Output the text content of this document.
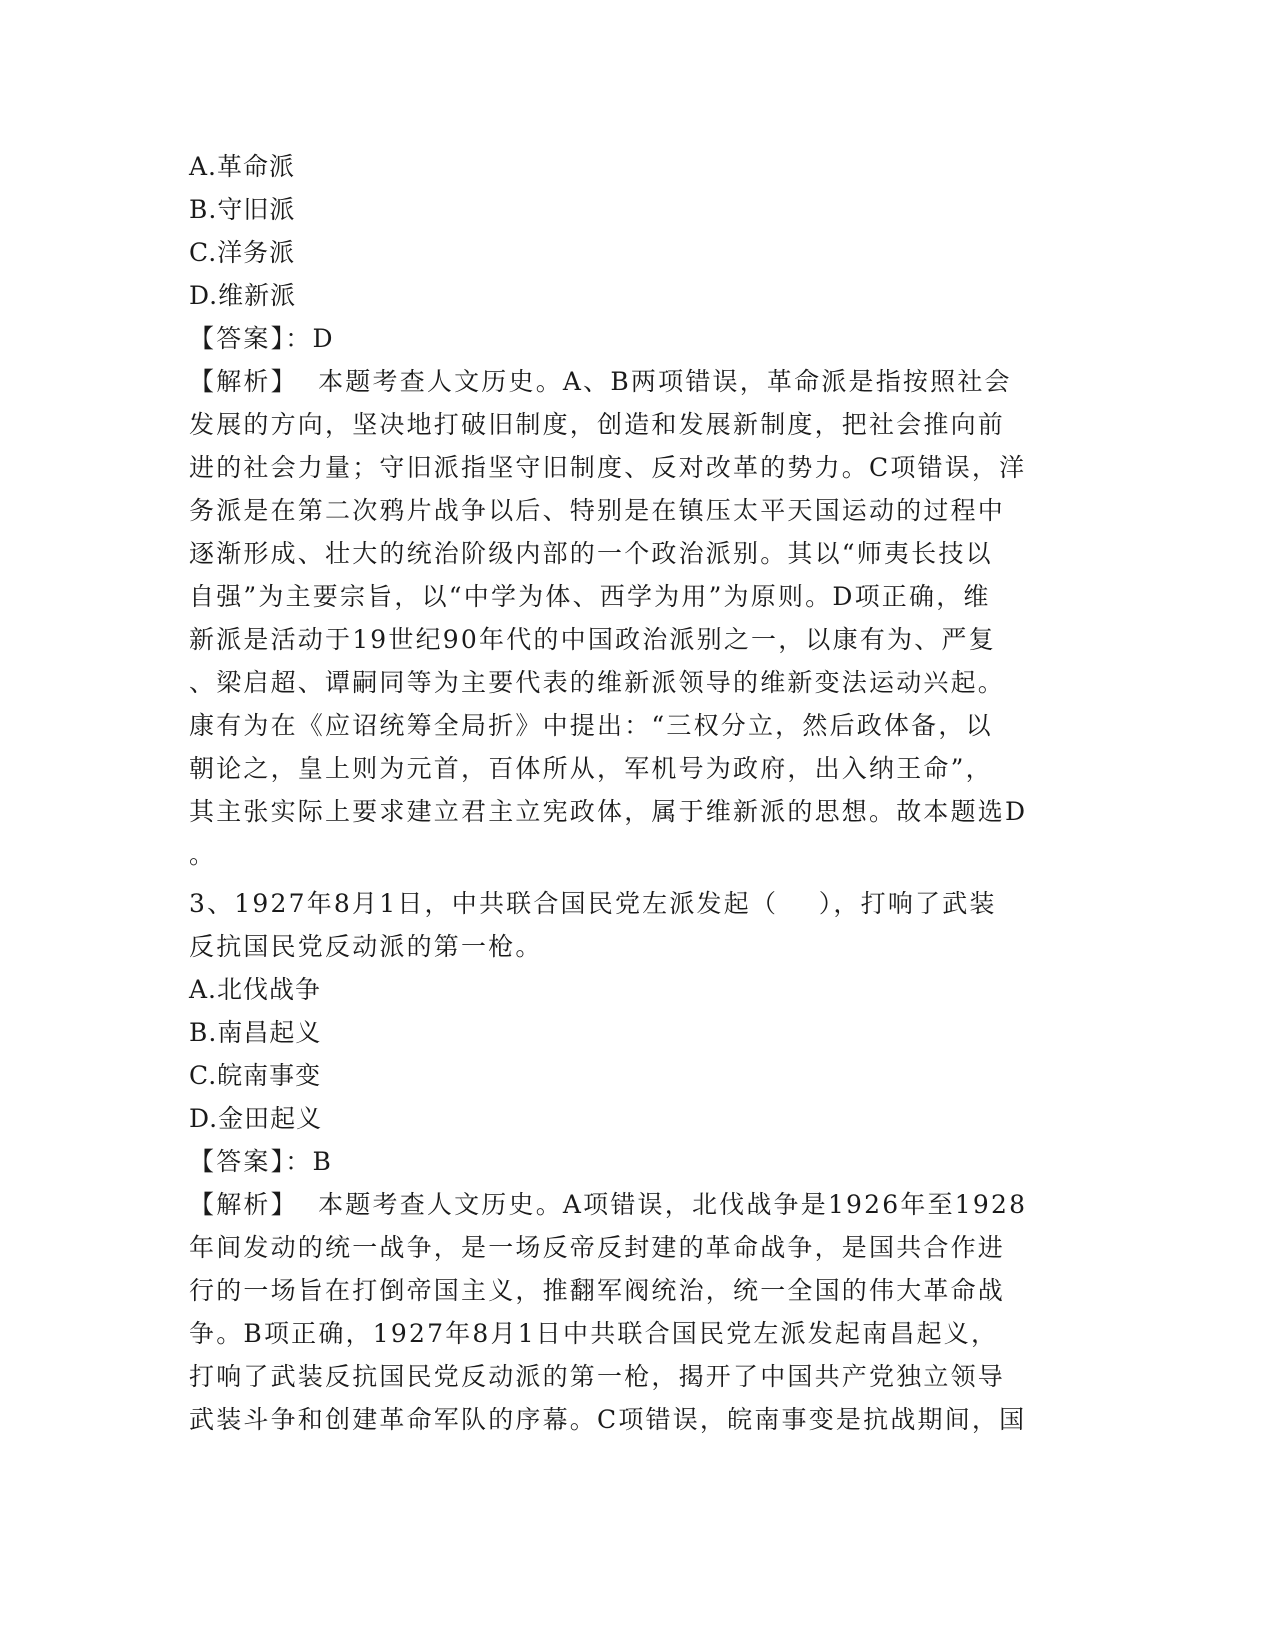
A.革命派
B.守旧派
C.洋务派
D.维新派
【答案】：D
【解析】  本题考查人文历史。A、B两项错误，革命派是指按照社会
发展的方向，坚决地打破旧制度，创造和发展新制度，把社会推向前
进的社会力量；守旧派指坚守旧制度、反对改革的势力。C项错误，洋
务派是在第二次鸦片战争以后、特别是在镇压太平天国运动的过程中
逐渐形成、壮大的统治阶级内部的一个政治派别。其以“师夷长技以
自强”为主要宗旨，以“中学为体、西学为用”为原则。D项正确，维
新派是活动于19世纪90年代的中国政治派别之一，以康有为、严复
、梁启超、谭嗣同等为主要代表的维新派领导的维新变法运动兴起。
康有为在《应诏统筹全局折》中提出：“三权分立，然后政体备，以
朝论之，皇上则为元首，百体所从，军机号为政府，出入纳王命”，
其主张实际上要求建立君主立宪政体，属于维新派的思想。故本题选D
。
3、1927年8月1日，中共联合国民党左派发起（    ），打响了武装
反抗国民党反动派的第一枪。
A.北伐战争
B.南昌起义
C.皖南事变
D.金田起义
【答案】：B
【解析】  本题考查人文历史。A项错误，北伐战争是1926年至1928
年间发动的统一战争，是一场反帝反封建的革命战争，是国共合作进
行的一场旨在打倒帝国主义，推翻军阀统治，统一全国的伟大革命战
争。B项正确，1927年8月1日中共联合国民党左派发起南昌起义，
打响了武装反抗国民党反动派的第一枪，揭开了中国共产党独立领导
武装斗争和创建革命军队的序幕。C项错误，皖南事变是抗战期间，国
